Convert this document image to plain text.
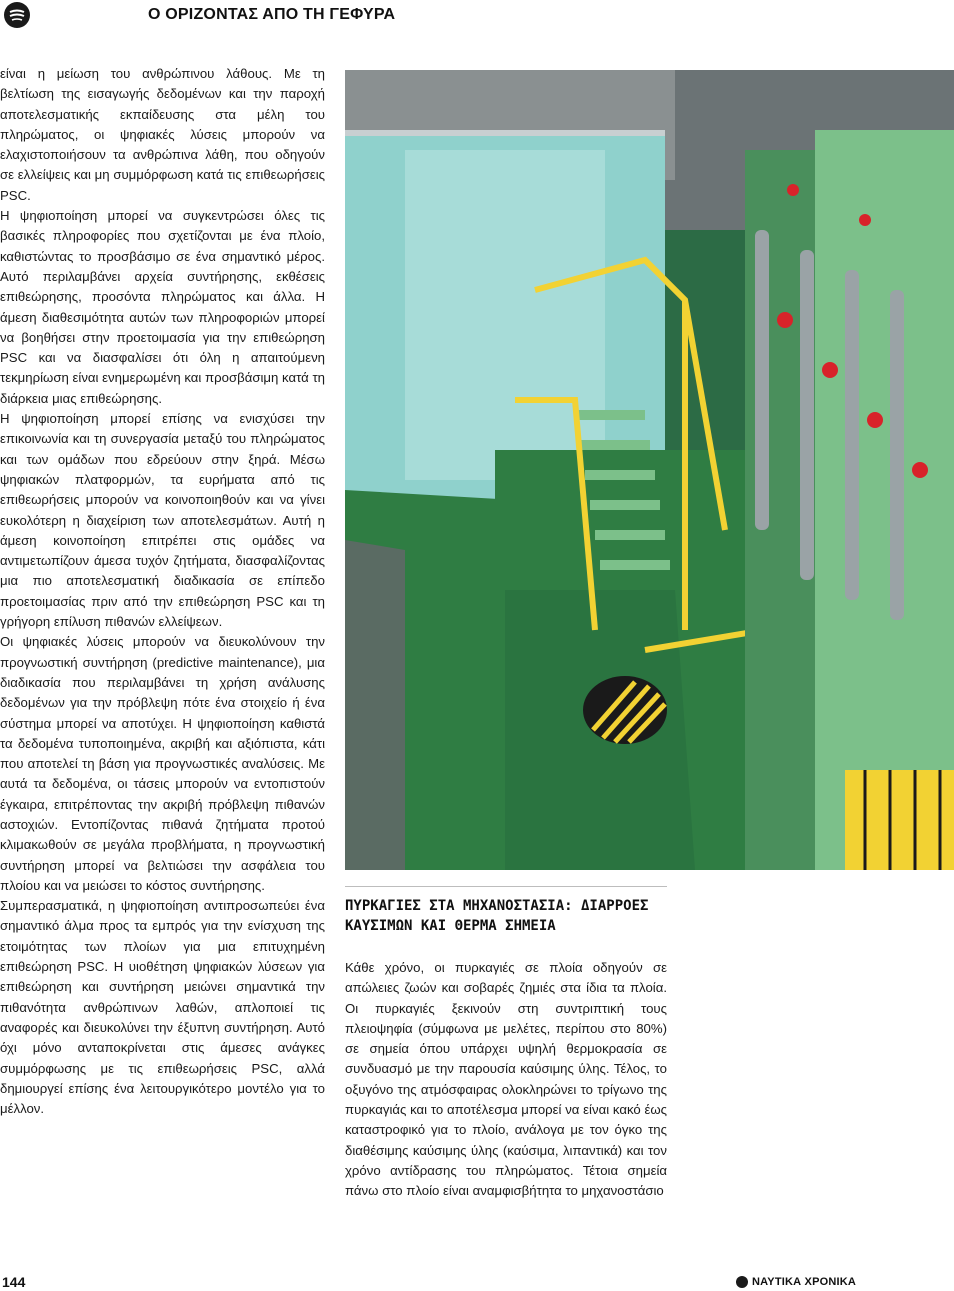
Ο ΟΡΙΖΟΝΤΑΣ ΑΠΟ ΤΗ ΓΕΦΥΡΑ

είναι η μείωση του ανθρώπινου λάθους. Με τη βελτίωση της εισαγωγής δεδομένων και την παροχή αποτελεσματικής εκπαίδευσης στα μέλη του πληρώματος, οι ψηφιακές λύσεις μπορούν να ελαχιστοποιήσουν τα ανθρώπινα λάθη, που οδηγούν σε ελλείψεις και μη συμμόρφωση κατά τις επιθεωρήσεις PSC.

Η ψηφιοποίηση μπορεί να συγκεντρώσει όλες τις βασικές πληροφορίες που σχετίζονται με ένα πλοίο, καθιστώντας το προσβάσιμο σε ένα σημαντικό μέρος. Αυτό περιλαμβάνει αρχεία συντήρησης, εκθέσεις επιθεώρησης, προσόντα πληρώματος και άλλα. Η άμεση διαθεσιμότητα αυτών των πληροφοριών μπορεί να βοηθήσει στην προετοιμασία για την επιθεώρηση PSC και να διασφαλίσει ότι όλη η απαιτούμενη τεκμηρίωση είναι ενημερωμένη και προσβάσιμη κατά τη διάρκεια μιας επιθεώρησης.

Η ψηφιοποίηση μπορεί επίσης να ενισχύσει την επικοινωνία και τη συνεργασία μεταξύ του πληρώματος και των ομάδων που εδρεύουν στην ξηρά. Μέσω ψηφιακών πλατφορμών, τα ευρήματα από τις επιθεωρήσεις μπορούν να κοινοποιηθούν και να γίνει ευκολότερη η διαχείριση των αποτελεσμάτων. Αυτή η άμεση κοινοποίηση επιτρέπει στις ομάδες να αντιμετωπίζουν άμεσα τυχόν ζητήματα, διασφαλίζοντας μια πιο αποτελεσματική διαδικασία σε επίπεδο προετοιμασίας πριν από την επιθεώρηση PSC και τη γρήγορη επίλυση πιθανών ελλείψεων.

Οι ψηφιακές λύσεις μπορούν να διευκολύνουν την προγνωστική συντήρηση (predictive maintenance), μια διαδικασία που περιλαμβάνει τη χρήση ανάλυσης δεδομένων για την πρόβλεψη πότε ένα στοιχείο ή ένα σύστημα μπορεί να αποτύχει. Η ψηφιοποίηση καθιστά τα δεδομένα τυποποιημένα, ακριβή και αξιόπιστα, κάτι που αποτελεί τη βάση για προγνωστικές αναλύσεις. Με αυτά τα δεδομένα, οι τάσεις μπορούν να εντοπιστούν έγκαιρα, επιτρέποντας την ακριβή πρόβλεψη πιθανών αστοχιών. Εντοπίζοντας πιθανά ζητήματα προτού κλιμακωθούν σε μεγάλα προβλήματα, η προγνωστική συντήρηση μπορεί να βελτιώσει την ασφάλεια του πλοίου και να μειώσει το κόστος συντήρησης.

Συμπερασματικά, η ψηφιοποίηση αντιπροσωπεύει ένα σημαντικό άλμα προς τα εμπρός για την ενίσχυση της ετοιμότητας των πλοίων για μια επιτυχημένη επιθεώρηση PSC. Η υιοθέτηση ψηφιακών λύσεων για επιθεώρηση και συντήρηση μειώνει σημαντικά την πιθανότητα ανθρώπινων λαθών, απλοποιεί τις αναφορές και διευκολύνει την έξυπνη συντήρηση. Αυτό όχι μόνο ανταποκρίνεται στις άμεσες ανάγκες συμμόρφωσης με τις επιθεωρήσεις PSC, αλλά δημιουργεί επίσης ένα λειτουργικότερο μοντέλο για το μέλλον.

ΠΥΡΚΑΓΙΕΣ ΣΤΑ ΜΗΧΑΝΟΣΤΑΣΙΑ: ΔΙΑΡΡΟΕΣ ΚΑΥΣΙΜΩΝ ΚΑΙ ΘΕΡΜΑ ΣΗΜΕΙΑ

Κάθε χρόνο, οι πυρκαγιές σε πλοία οδηγούν σε απώλειες ζωών και σοβαρές ζημιές στα ίδια τα πλοία. Οι πυρκαγιές ξεκινούν στη συντριπτική τους πλειοψηφία (σύμφωνα με μελέτες, περίπου στο 80%) σε σημεία όπου υπάρχει υψηλή θερμοκρασία σε συνδυασμό με την παρουσία καύσιμης ύλης. Τέλος, το οξυγόνο της ατμόσφαιρας ολοκληρώνει το τρίγωνο της πυρκαγιάς και το αποτέλεσμα μπορεί να είναι κακό έως καταστροφικό για το πλοίο, ανάλογα με τον όγκο της διαθέσιμης καύσιμης ύλης (καύσιμα, λιπαντικά) και τον χρόνο αντίδρασης του πληρώματος. Τέτοια σημεία πάνω στο πλοίο είναι αναμφισβήτητα το μηχανοστάσιο

144	ΝΑΥΤΙΚΑ ΧΡΟΝΙΚΑ
